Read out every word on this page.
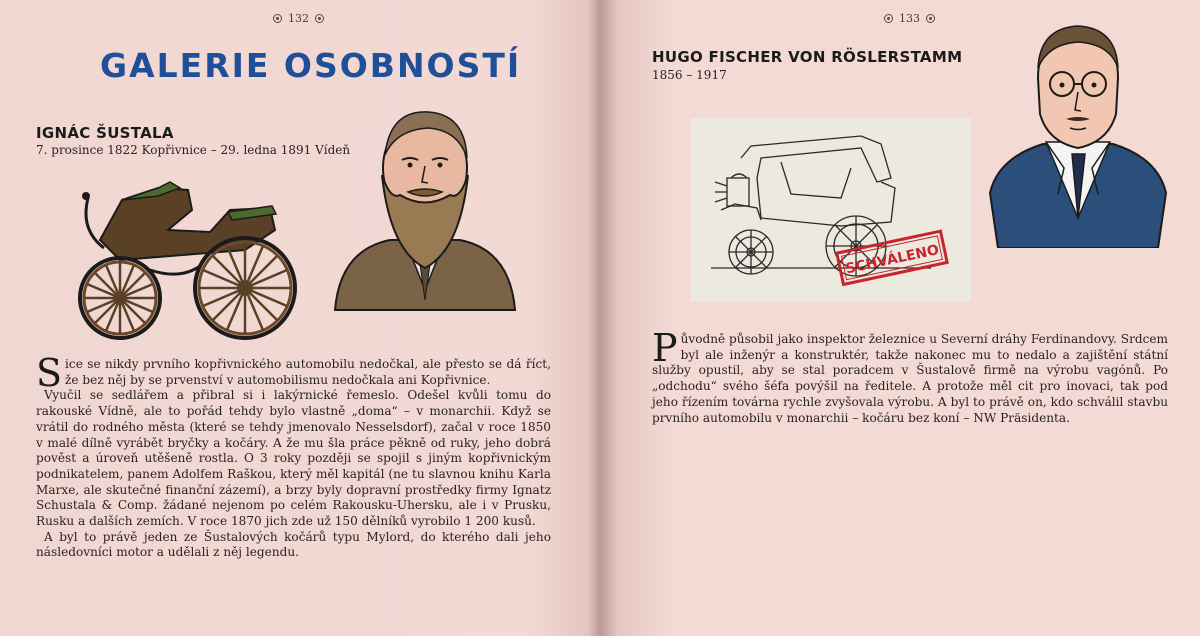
132
GALERIE OSOBNOSTÍ
IGNÁC ŠUSTALA
7. prosince 1822 Kopřivnice – 29. ledna 1891 Vídeň

Sice se nikdy prvního kopřivnického automobilu nedočkal, ale přesto se dá říct, že bez něj by se prvenství v automobilismu nedočkala ani Kopřivnice.

Vyučil se sedlářem a přibral si i lakýrnické řemeslo. Odešel kvůli tomu do rakouské Vídně, ale to pořád tehdy bylo vlastně „doma“ – v monarchii. Když se vrátil do rodného města (které se tehdy jmenovalo Nesselsdorf), začal v roce 1850 v malé dílně vyrábět bryčky a kočáry. A že mu šla práce pěkně od ruky, jeho dobrá pověst a úroveň utěšeně rostla. O 3 roky později se spojil s jiným kopřivnickým podnikatelem, panem Adolfem Raškou, který měl kapitál (ne tu slavnou knihu Karla Marxe, ale skutečné finanční zázemí), a brzy byly dopravní prostředky firmy Ignatz Schustala & Comp. žádané nejenom po celém Rakousku-Uhersku, ale i v Prusku, Rusku a dalších zemích. V roce 1870 jich zde už 150 dělníků vyrobilo 1 200 kusů.

A byl to právě jeden ze Šustalových kočárů typu Mylord, do kterého dali jeho následovníci motor a udělali z něj legendu.

133
HUGO FISCHER VON RÖSLERSTAMM
1856 – 1917
SCHVÁLENO

Původně působil jako inspektor železnice u Severní dráhy Ferdinandovy. Srdcem byl ale inženýr a konstruktér, takže nakonec mu to nedalo a zajištění státní služby opustil, aby se stal poradcem v Šustalově firmě na výrobu vagónů. Po „odchodu“ svého šéfa povýšil na ředitele. A protože měl cit pro inovaci, tak pod jeho řízením továrna rychle zvyšovala výrobu. A byl to právě on, kdo schválil stavbu prvního automobilu v monarchii – kočáru bez koní – NW Präsidenta.
